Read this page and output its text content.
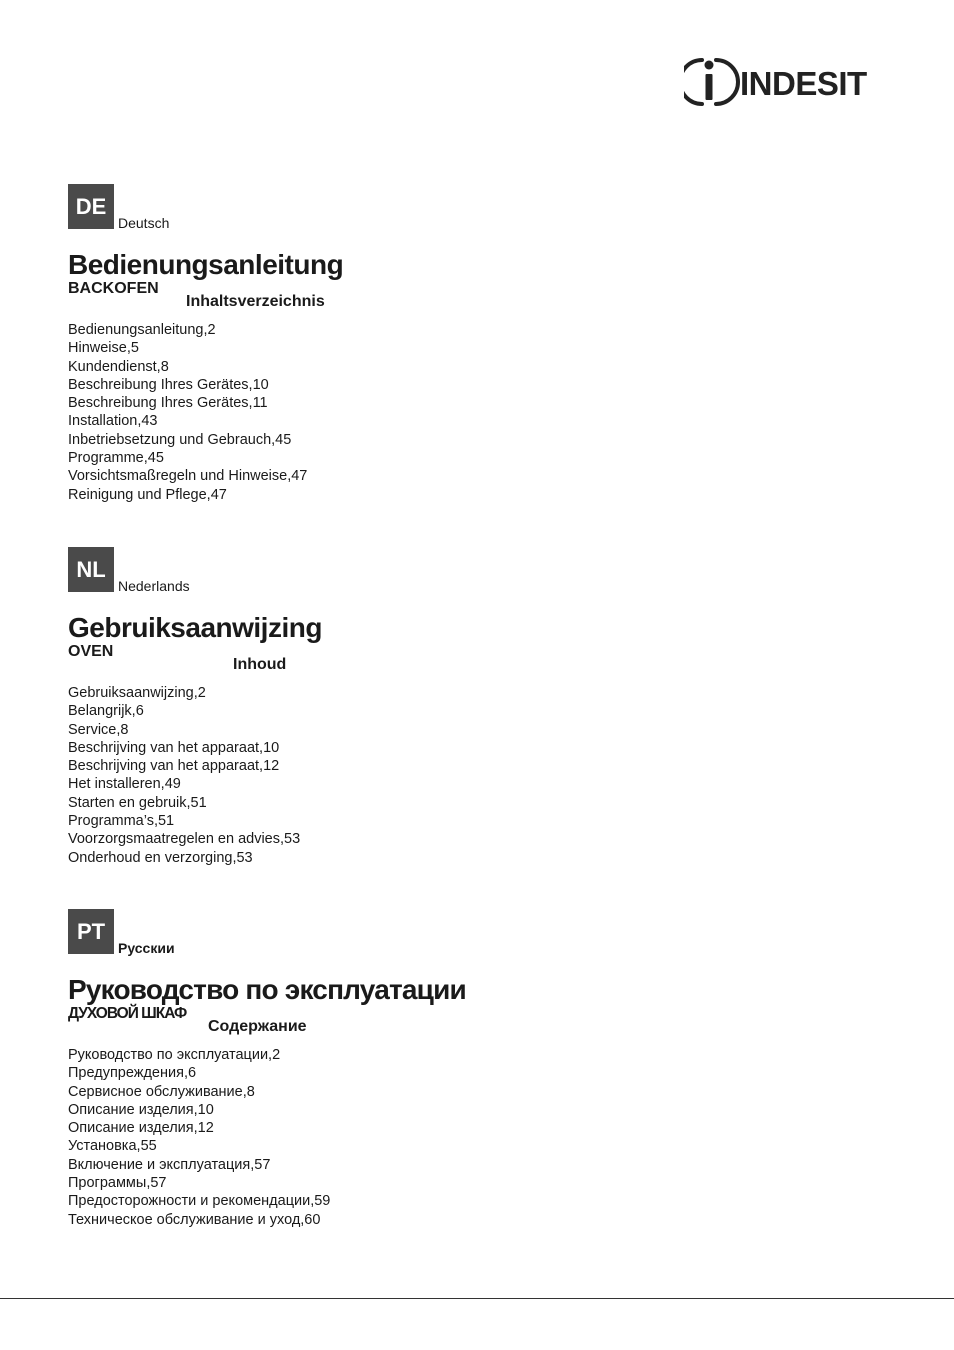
INDESIT
DE
Deutsch
Bedienungsanleitung
BACKOFEN
Inhaltsverzeichnis
Bedienungsanleitung,2
Hinweise,5
Kundendienst,8
Beschreibung Ihres Gerätes,10
Beschreibung Ihres Gerätes,11
Installation,43
Inbetriebsetzung und Gebrauch,45
Programme,45
Vorsichtsmaßregeln und Hinweise,47
Reinigung und Pflege,47
NL
Nederlands
Gebruiksaanwijzing
OVEN
Inhoud
Gebruiksaanwijzing,2
Belangrijk,6
Service,8
Beschrijving van het apparaat,10
Beschrijving van het apparaat,12
Het installeren,49
Starten en gebruik,51
Programma’s,51
Voorzorgsmaatregelen en advies,53
Onderhoud en verzorging,53
PT
Русскии
Руководство по эксплуатации
ДУХОВОЙ ШКАФ
Содержание
Руководство по эксплуатации,2
Предупреждения,6
Сервисное обслуживание,8
Описание изделия,10
Описание изделия,12
Установка,55
Включение и эксплуатация,57
Программы,57
Предосторожности и рекомендации,59
Техническое обслуживание и уход,60
